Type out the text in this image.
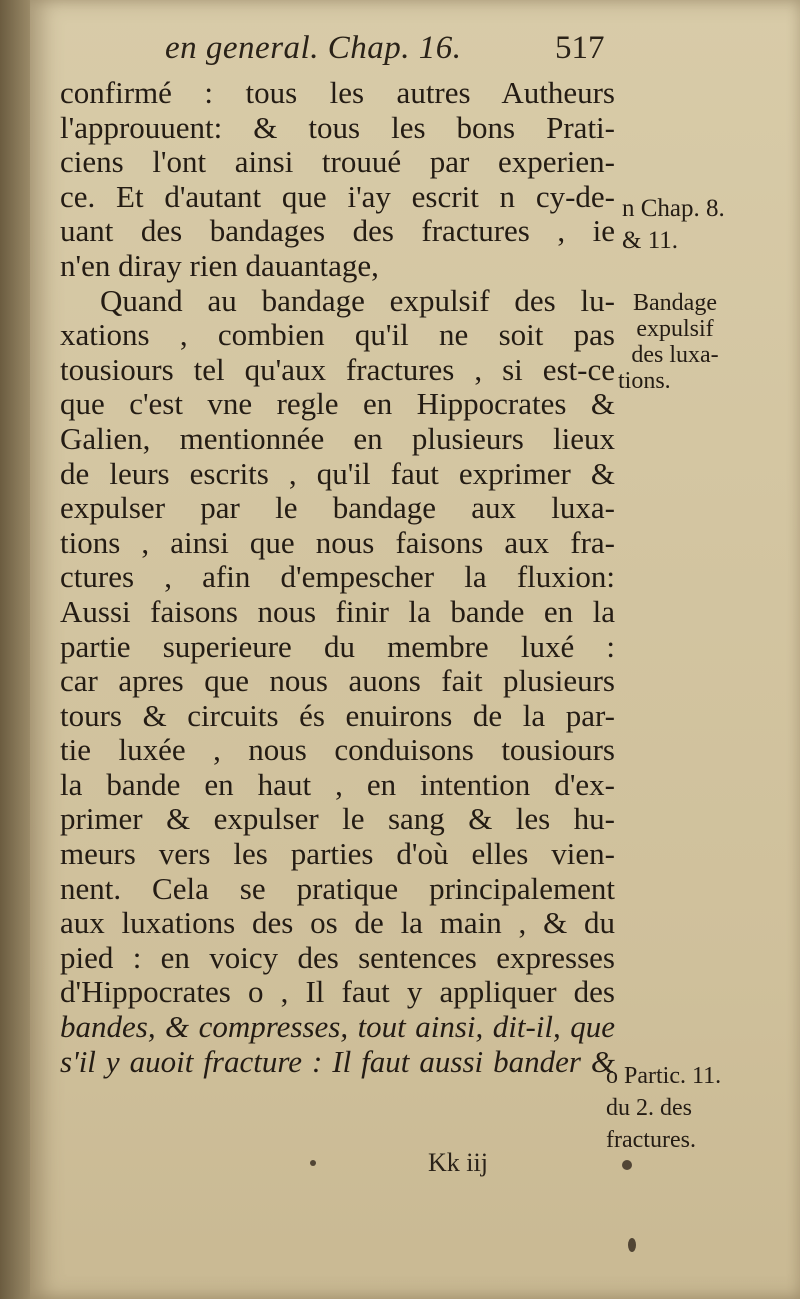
en general. Chap. 16.	517
confirmé : tous les autres Autheurs
l'approuuent: & tous les bons Prati-
ciens l'ont ainsi trouué par experien-
ce. Et d'autant que i'ay escrit n cy-de-
uant des bandages des fractures , ie
n'en diray rien dauantage,
Quand au bandage expulsif des lu-
xations , combien qu'il ne soit pas
tousiours tel qu'aux fractures , si est-ce
que c'est vne regle en Hippocrates &
Galien, mentionnée en plusieurs lieux
de leurs escrits , qu'il faut exprimer &
expulser par le bandage aux luxa-
tions , ainsi que nous faisons aux fra-
ctures , afin d'empescher la fluxion:
Aussi faisons nous finir la bande en la
partie superieure du membre luxé :
car apres que nous auons fait plusieurs
tours & circuits és enuirons de la par-
tie luxée , nous conduisons tousiours
la bande en haut , en intention d'ex-
primer & expulser le sang & les hu-
meurs vers les parties d'où elles vien-
nent. Cela se pratique principalement
aux luxations des os de la main , & du
pied : en voicy des sentences expresses
d'Hippocrates o , Il faut y appliquer des
bandes, & compresses, tout ainsi, dit-il, que
s'il y auoit fracture : Il faut aussi bander &
n Chap. 8.
& 11.
Bandage
expulsif
des luxa-
tions.
o Partic. 11.
du 2. des
fractures.
Kk iij
